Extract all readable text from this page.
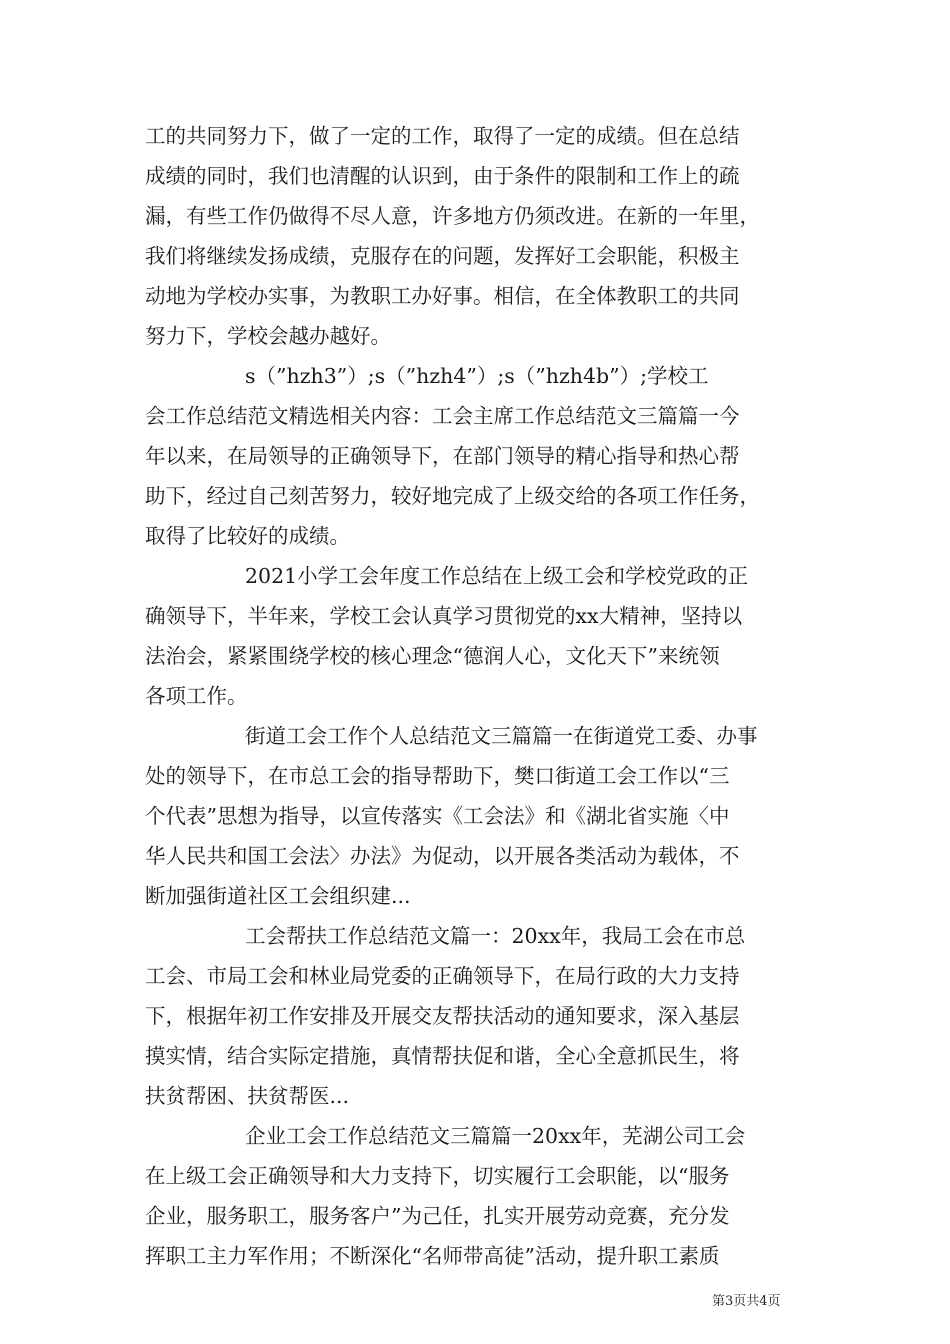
工的共同努力下，做了一定的工作，取得了一定的成绩。但在总结
成绩的同时，我们也清醒的认识到，由于条件的限制和工作上的疏
漏，有些工作仍做得不尽人意，许多地方仍须改进。在新的一年里，
我们将继续发扬成绩，克服存在的问题，发挥好工会职能，积极主
动地为学校办实事，为教职工办好事。相信，在全体教职工的共同
努力下，学校会越办越好。
s（”hzh3”）;s（”hzh4”）;s（”hzh4b”）;学校工
会工作总结范文精选相关内容：工会主席工作总结范文三篇篇一今
年以来，在局领导的正确领导下，在部门领导的精心指导和热心帮
助下，经过自己刻苦努力，较好地完成了上级交给的各项工作任务，
取得了比较好的成绩。
2021小学工会年度工作总结在上级工会和学校党政的正
确领导下，半年来，学校工会认真学习贯彻党的xx大精神，坚持以
法治会，紧紧围绕学校的核心理念“德润人心，文化天下”来统领
各项工作。
街道工会工作个人总结范文三篇篇一在街道党工委、办事
处的领导下，在市总工会的指导帮助下，樊口街道工会工作以“三
个代表”思想为指导，以宣传落实《工会法》和《湖北省实施〈中
华人民共和国工会法〉办法》为促动，以开展各类活动为载体，不
断加强街道社区工会组织建...
工会帮扶工作总结范文篇一：20xx年，我局工会在市总
工会、市局工会和林业局党委的正确领导下，在局行政的大力支持
下，根据年初工作安排及开展交友帮扶活动的通知要求，深入基层
摸实情，结合实际定措施，真情帮扶促和谐，全心全意抓民生，将
扶贫帮困、扶贫帮医...
企业工会工作总结范文三篇篇一20xx年，芜湖公司工会
在上级工会正确领导和大力支持下，切实履行工会职能，以“服务
企业，服务职工，服务客户”为己任，扎实开展劳动竞赛，充分发
挥职工主力军作用；不断深化“名师带高徒”活动，提升职工素质
第3页共4页
